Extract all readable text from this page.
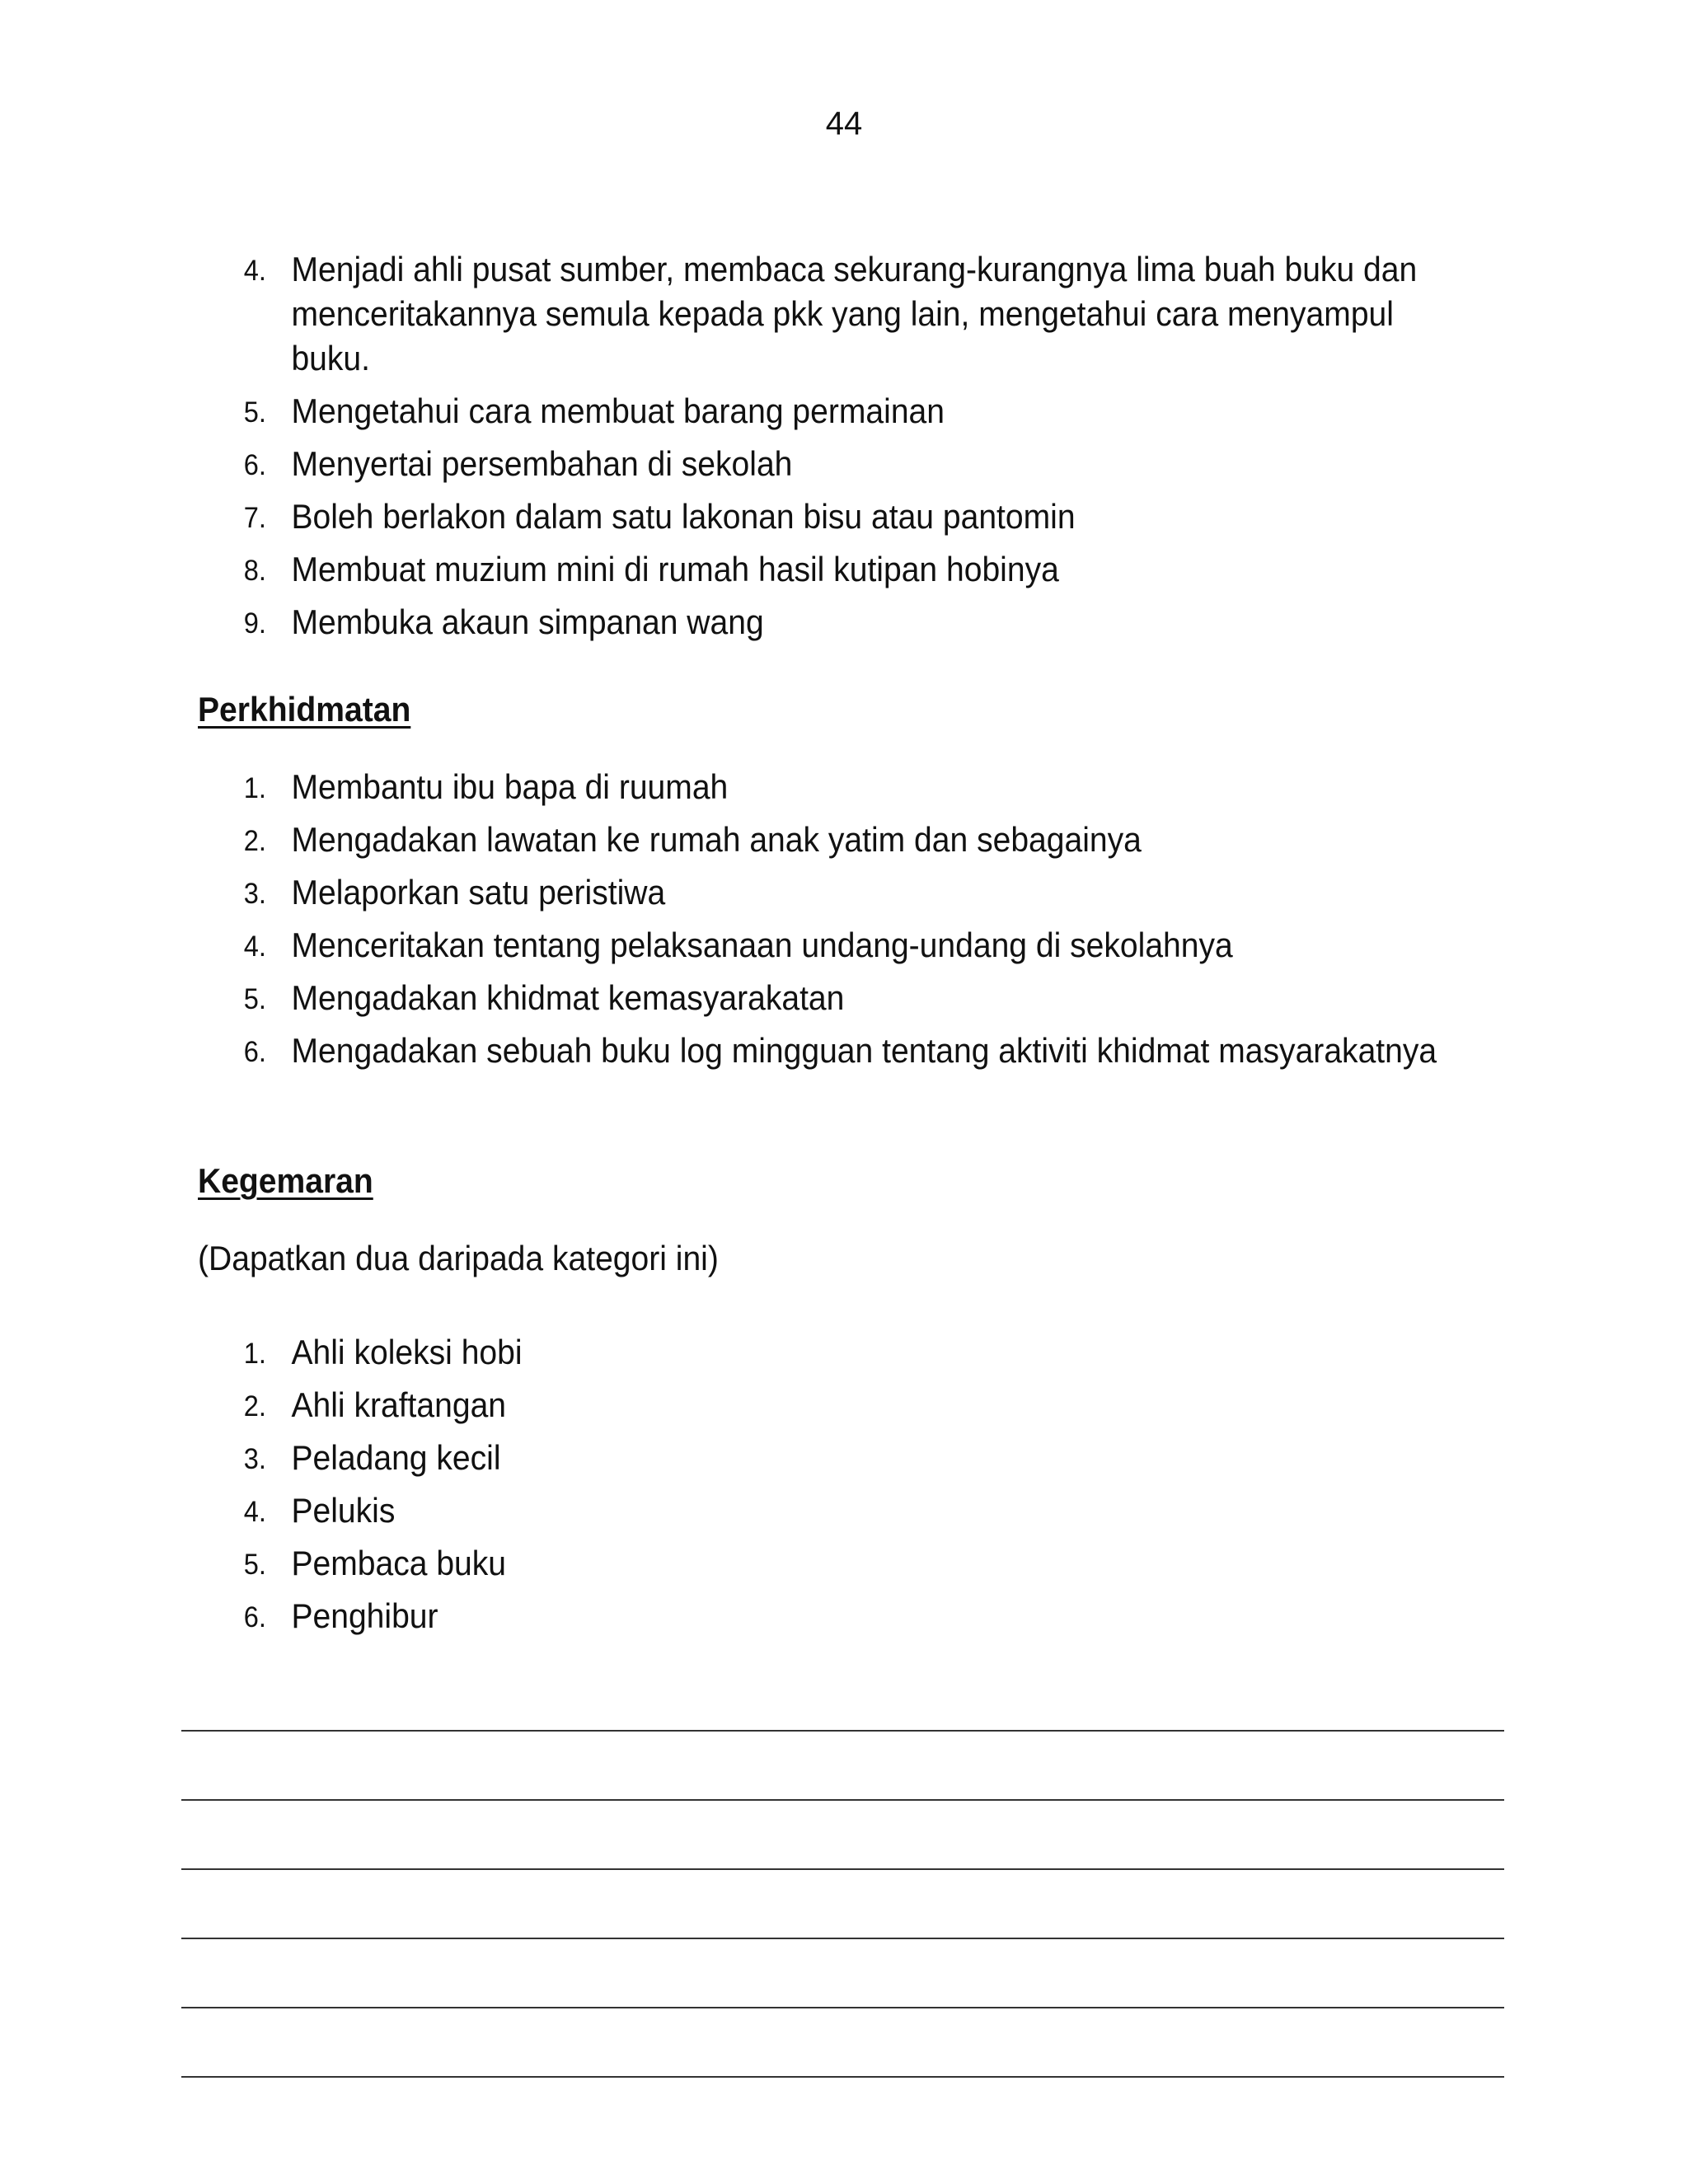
44
4. Menjadi ahli pusat sumber, membaca sekurang-kurangnya lima buah buku dan menceritakannya semula kepada pkk yang lain, mengetahui cara menyampul buku.
5. Mengetahui cara membuat barang permainan
6. Menyertai persembahan di sekolah
7. Boleh berlakon dalam satu lakonan bisu atau pantomin
8. Membuat muzium mini di rumah hasil kutipan hobinya
9. Membuka akaun simpanan wang
Perkhidmatan
1. Membantu ibu bapa di ruumah
2. Mengadakan lawatan ke rumah anak yatim dan sebagainya
3. Melaporkan satu peristiwa
4. Menceritakan tentang pelaksanaan undang-undang di sekolahnya
5. Mengadakan khidmat kemasyarakatan
6. Mengadakan sebuah buku log mingguan tentang aktiviti khidmat masyarakatnya
Kegemaran
(Dapatkan dua daripada kategori ini)
1. Ahli koleksi hobi
2. Ahli kraftangan
3. Peladang kecil
4. Pelukis
5. Pembaca buku
6. Penghibur
